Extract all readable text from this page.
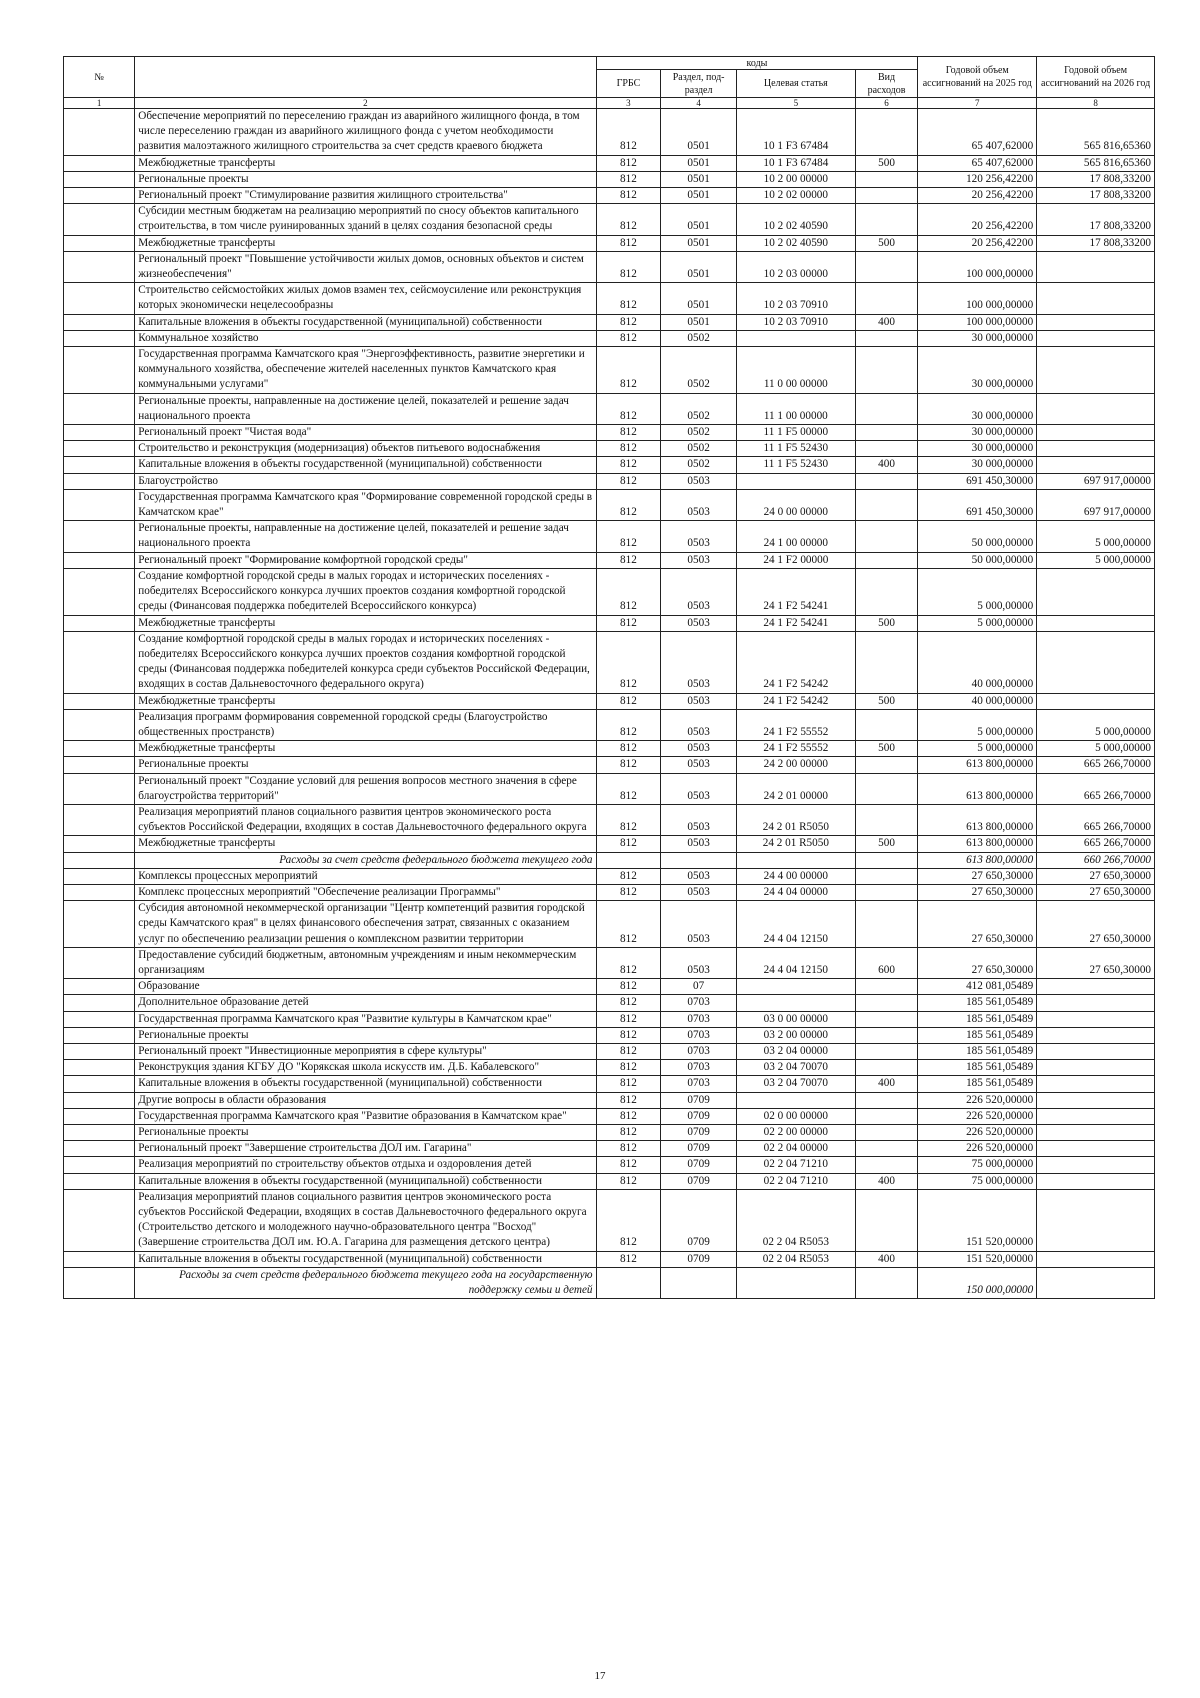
№		коды				Годовой объем ассигнований на 2025 год	Годовой объем ассигнований на 2026 год
		ГРБС	Раздел, под-раздел	Целевая статья	Вид расходов		
1	2	3	4	5	6	7	8
	Обеспечение мероприятий по переселению граждан из аварийного жилищного фонда, в том числе переселению граждан из аварийного жилищного фонда с учетом необходимости развития малоэтажного жилищного строительства за счет средств краевого бюджета	812	0501	10 1 F3 67484		65 407,62000	565 816,65360
	Межбюджетные трансферты	812	0501	10 1 F3 67484	500	65 407,62000	565 816,65360
	Региональные проекты	812	0501	10 2 00 00000		120 256,42200	17 808,33200
	Региональный проект "Стимулирование развития жилищного строительства"	812	0501	10 2 02 00000		20 256,42200	17 808,33200
	Субсидии местным бюджетам на реализацию мероприятий по сносу объектов капитального строительства, в том числе руинированных зданий в целях создания безопасной среды	812	0501	10 2 02 40590		20 256,42200	17 808,33200
	Межбюджетные трансферты	812	0501	10 2 02 40590	500	20 256,42200	17 808,33200
	Региональный проект "Повышение устойчивости жилых домов, основных объектов и систем жизнеобеспечения"	812	0501	10 2 03 00000		100 000,00000	
	Строительство сейсмостойких жилых домов взамен тех, сейсмоусиление или реконструкция которых экономически нецелесообразны	812	0501	10 2 03 70910		100 000,00000	
	Капитальные вложения в объекты государственной (муниципальной) собственности	812	0501	10 2 03 70910	400	100 000,00000	
	Коммунальное хозяйство	812	0502			30 000,00000	
	Государственная программа Камчатского края "Энергоэффективность, развитие энергетики и коммунального хозяйства, обеспечение жителей населенных пунктов Камчатского края коммунальными услугами"	812	0502	11 0 00 00000		30 000,00000	
	Региональные проекты, направленные на достижение целей, показателей и решение задач национального проекта	812	0502	11 1 00 00000		30 000,00000	
	Региональный проект "Чистая вода"	812	0502	11 1 F5 00000		30 000,00000	
	Строительство и реконструкция (модернизация) объектов питьевого водоснабжения	812	0502	11 1 F5 52430		30 000,00000	
	Капитальные вложения в объекты государственной (муниципальной) собственности	812	0502	11 1 F5 52430	400	30 000,00000	
	Благоустройство	812	0503			691 450,30000	697 917,00000
	Государственная программа Камчатского края "Формирование современной городской среды в Камчатском крае"	812	0503	24 0 00 00000		691 450,30000	697 917,00000
	Региональные проекты, направленные на достижение целей, показателей и решение задач национального проекта	812	0503	24 1 00 00000		50 000,00000	5 000,00000
	Региональный проект "Формирование комфортной городской среды"	812	0503	24 1 F2 00000		50 000,00000	5 000,00000
	Создание комфортной городской среды в малых городах и исторических поселениях - победителях Всероссийского конкурса лучших проектов создания комфортной городской среды (Финансовая поддержка победителей Всероссийского конкурса)	812	0503	24 1 F2 54241		5 000,00000	
	Межбюджетные трансферты	812	0503	24 1 F2 54241	500	5 000,00000	
	Создание комфортной городской среды в малых городах и исторических поселениях - победителях Всероссийского конкурса лучших проектов создания комфортной городской среды (Финансовая поддержка победителей конкурса среди субъектов Российской Федерации, входящих в состав Дальневосточного федерального округа)	812	0503	24 1 F2 54242		40 000,00000	
	Межбюджетные трансферты	812	0503	24 1 F2 54242	500	40 000,00000	
	Реализация программ формирования современной городской среды (Благоустройство общественных пространств)	812	0503	24 1 F2 55552		5 000,00000	5 000,00000
	Межбюджетные трансферты	812	0503	24 1 F2 55552	500	5 000,00000	5 000,00000
	Региональные проекты	812	0503	24 2 00 00000		613 800,00000	665 266,70000
	Региональный проект "Создание условий для решения вопросов местного значения в сфере благоустройства территорий"	812	0503	24 2 01 00000		613 800,00000	665 266,70000
	Реализация мероприятий планов социального развития центров экономического роста субъектов Российской Федерации, входящих в состав Дальневосточного федерального округа	812	0503	24 2 01 R5050		613 800,00000	665 266,70000
	Межбюджетные трансферты	812	0503	24 2 01 R5050	500	613 800,00000	665 266,70000
	Расходы за счет средств федерального бюджета текущего года					613 800,00000	660 266,70000
	Комплексы процессных мероприятий	812	0503	24 4 00 00000		27 650,30000	27 650,30000
	Комплекс процессных мероприятий "Обеспечение реализации Программы"	812	0503	24 4 04 00000		27 650,30000	27 650,30000
	Субсидия автономной некоммерческой организации "Центр компетенций развития городской среды Камчатского края" в целях финансового обеспечения затрат, связанных с оказанием услуг по обеспечению реализации решения о комплексном развитии территории	812	0503	24 4 04 12150		27 650,30000	27 650,30000
	Предоставление субсидий бюджетным, автономным учреждениям и иным некоммерческим организациям	812	0503	24 4 04 12150	600	27 650,30000	27 650,30000
	Образование	812	07			412 081,05489	
	Дополнительное образование детей	812	0703			185 561,05489	
	Государственная программа Камчатского края "Развитие культуры в Камчатском крае"	812	0703	03 0 00 00000		185 561,05489	
	Региональные проекты	812	0703	03 2 00 00000		185 561,05489	
	Региональный проект "Инвестиционные мероприятия в сфере культуры"	812	0703	03 2 04 00000		185 561,05489	
	Реконструкция здания КГБУ ДО "Корякская школа искусств им. Д.Б. Кабалевского"	812	0703	03 2 04 70070		185 561,05489	
	Капитальные вложения в объекты государственной (муниципальной) собственности	812	0703	03 2 04 70070	400	185 561,05489	
	Другие вопросы в области образования	812	0709			226 520,00000	
	Государственная программа Камчатского края "Развитие образования в Камчатском крае"	812	0709	02 0 00 00000		226 520,00000	
	Региональные проекты	812	0709	02 2 00 00000		226 520,00000	
	Региональный проект "Завершение строительства ДОЛ им. Гагарина"	812	0709	02 2 04 00000		226 520,00000	
	Реализация мероприятий по строительству объектов отдыха и оздоровления детей	812	0709	02 2 04 71210		75 000,00000	
	Капитальные вложения в объекты государственной (муниципальной) собственности	812	0709	02 2 04 71210	400	75 000,00000	
	Реализация мероприятий планов социального развития центров экономического роста субъектов Российской Федерации, входящих в состав Дальневосточного федерального округа (Строительство детского и молодежного научно-образовательного центра "Восход" (Завершение строительства ДОЛ им. Ю.А. Гагарина для размещения детского центра)	812	0709	02 2 04 R5053		151 520,00000	
	Капитальные вложения в объекты государственной (муниципальной) собственности	812	0709	02 2 04 R5053	400	151 520,00000	
	Расходы за счет средств федерального бюджета текущего года на государственную поддержку семьи и детей					150 000,00000	
17
